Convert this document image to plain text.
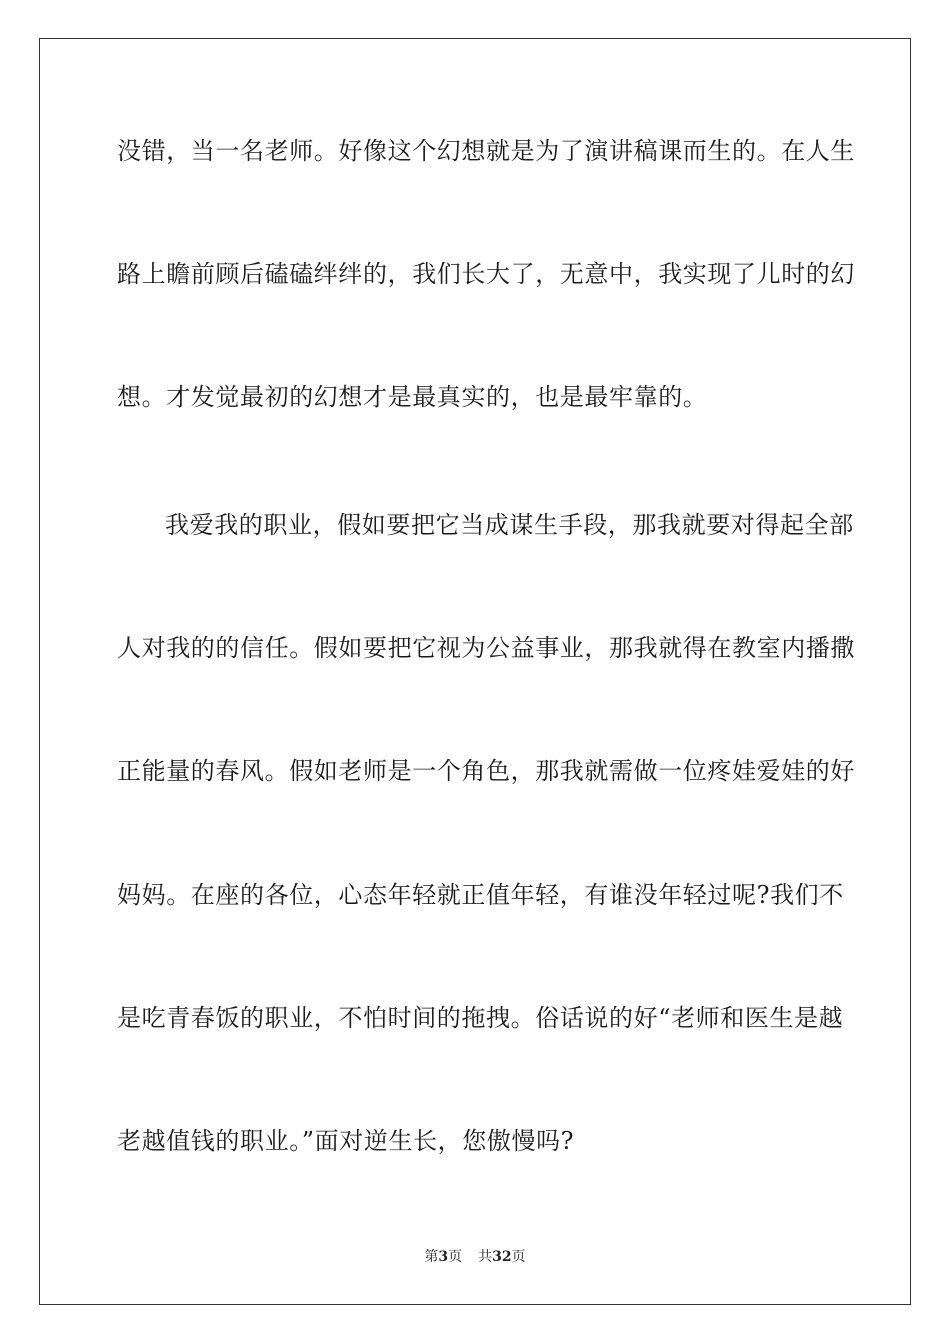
没错，当一名老师。好像这个幻想就是为了演讲稿课而生的。在人生
路上瞻前顾后磕磕绊绊的，我们长大了，无意中，我实现了儿时的幻
想。才发觉最初的幻想才是最真实的，也是最牢靠的。
我爱我的职业，假如要把它当成谋生手段，那我就要对得起全部
人对我的的信任。假如要把它视为公益事业，那我就得在教室内播撒
正能量的春风。假如老师是一个角色，那我就需做一位疼娃爱娃的好
妈妈。在座的各位，心态年轻就正值年轻，有谁没年轻过呢?我们不
是吃青春饭的职业，不怕时间的拖拽。俗话说的好“老师和医生是越
老越值钱的职业。”面对逆生长，您傲慢吗?
第3页 共32页
